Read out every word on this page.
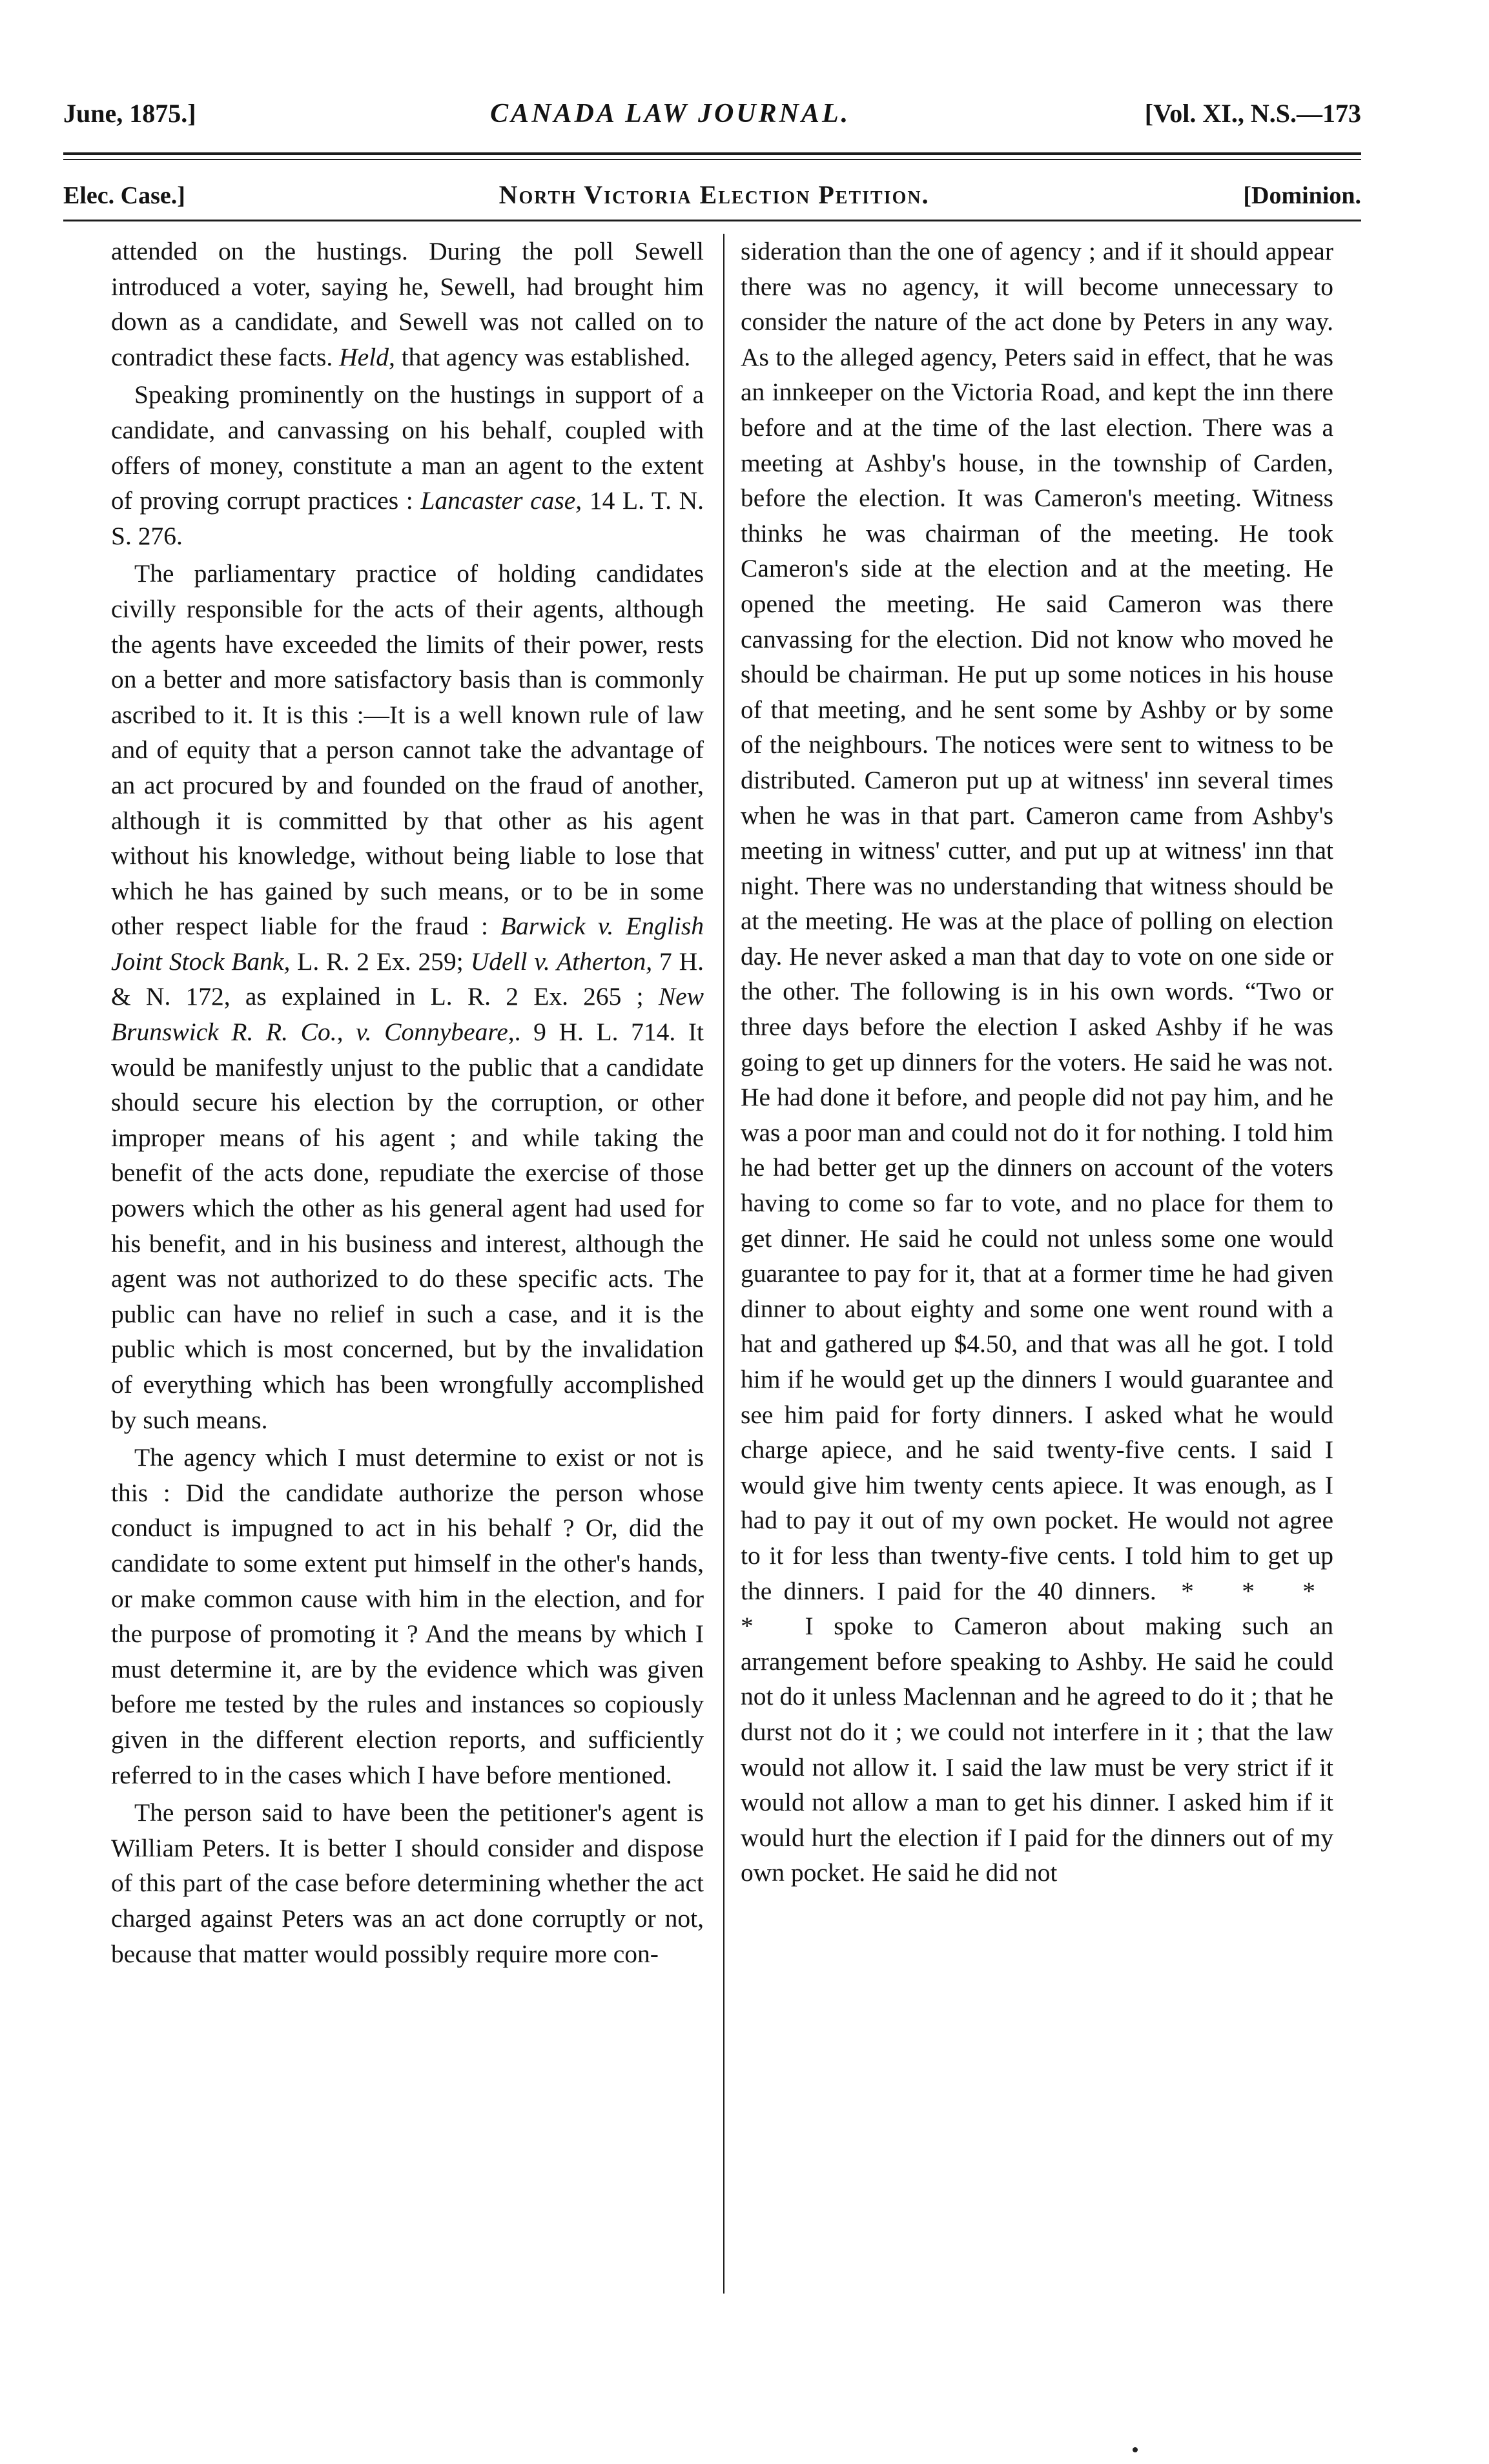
June, 1875.]	CANADA LAW JOURNAL.	[Vol. XI., N.S.—173
Elec. Case.]	North Victoria Election Petition.	[Dominion.

attended on the hustings. During the poll Sewell introduced a voter, saying he, Sewell, had brought him down as a candidate, and Sewell was not called on to contradict these facts. Held, that agency was established.

Speaking prominently on the hustings in support of a candidate, and canvassing on his behalf, coupled with offers of money, constitute a man an agent to the extent of proving corrupt practices : Lancaster case, 14 L. T. N. S. 276.

The parliamentary practice of holding candidates civilly responsible for the acts of their agents, although the agents have exceeded the limits of their power, rests on a better and more satisfactory basis than is commonly ascribed to it. It is this :—It is a well known rule of law and of equity that a person cannot take the advantage of an act procured by and founded on the fraud of another, although it is committed by that other as his agent without his knowledge, without being liable to lose that which he has gained by such means, or to be in some other respect liable for the fraud : Barwick v. English Joint Stock Bank, L. R. 2 Ex. 259; Udell v. Atherton, 7 H. & N. 172, as explained in L. R. 2 Ex. 265 ; New Brunswick R. R. Co., v. Connybeare,. 9 H. L. 714. It would be manifestly unjust to the public that a candidate should secure his election by the corruption, or other improper means of his agent ; and while taking the benefit of the acts done, repudiate the exercise of those powers which the other as his general agent had used for his benefit, and in his business and interest, although the agent was not authorized to do these specific acts. The public can have no relief in such a case, and it is the public which is most concerned, but by the invalidation of everything which has been wrongfully accomplished by such means.

The agency which I must determine to exist or not is this : Did the candidate authorize the person whose conduct is impugned to act in his behalf ? Or, did the candidate to some extent put himself in the other's hands, or make common cause with him in the election, and for the purpose of promoting it ? And the means by which I must determine it, are by the evidence which was given before me tested by the rules and instances so copiously given in the different election reports, and sufficiently referred to in the cases which I have before mentioned.

The person said to have been the petitioner's agent is William Peters. It is better I should consider and dispose of this part of the case before determining whether the act charged against Peters was an act done corruptly or not, because that matter would possibly require more con-

sideration than the one of agency ; and if it should appear there was no agency, it will become unnecessary to consider the nature of the act done by Peters in any way. As to the alleged agency, Peters said in effect, that he was an innkeeper on the Victoria Road, and kept the inn there before and at the time of the last election. There was a meeting at Ashby's house, in the township of Carden, before the election. It was Cameron's meeting. Witness thinks he was chairman of the meeting. He took Cameron's side at the election and at the meeting. He opened the meeting. He said Cameron was there canvassing for the election. Did not know who moved he should be chairman. He put up some notices in his house of that meeting, and he sent some by Ashby or by some of the neighbours. The notices were sent to witness to be distributed. Cameron put up at witness' inn several times when he was in that part. Cameron came from Ashby's meeting in witness' cutter, and put up at witness' inn that night. There was no understanding that witness should be at the meeting. He was at the place of polling on election day. He never asked a man that day to vote on one side or the other. The following is in his own words. “Two or three days before the election I asked Ashby if he was going to get up dinners for the voters. He said he was not. He had done it before, and people did not pay him, and he was a poor man and could not do it for nothing. I told him he had better get up the dinners on account of the voters having to come so far to vote, and no place for them to get dinner. He said he could not unless some one would guarantee to pay for it, that at a former time he had given dinner to about eighty and some one went round with a hat and gathered up $4.50, and that was all he got. I told him if he would get up the dinners I would guarantee and see him paid for forty dinners. I asked what he would charge apiece, and he said twenty-five cents. I said I would give him twenty cents apiece. It was enough, as I had to pay it out of my own pocket. He would not agree to it for less than twenty-five cents. I told him to get up the dinners. I paid for the 40 dinners. * * * * I spoke to Cameron about making such an arrangement before speaking to Ashby. He said he could not do it unless Maclennan and he agreed to do it ; that he durst not do it ; we could not interfere in it ; that the law would not allow it. I said the law must be very strict if it would not allow a man to get his dinner. I asked him if it would hurt the election if I paid for the dinners out of my own pocket. He said he did not
